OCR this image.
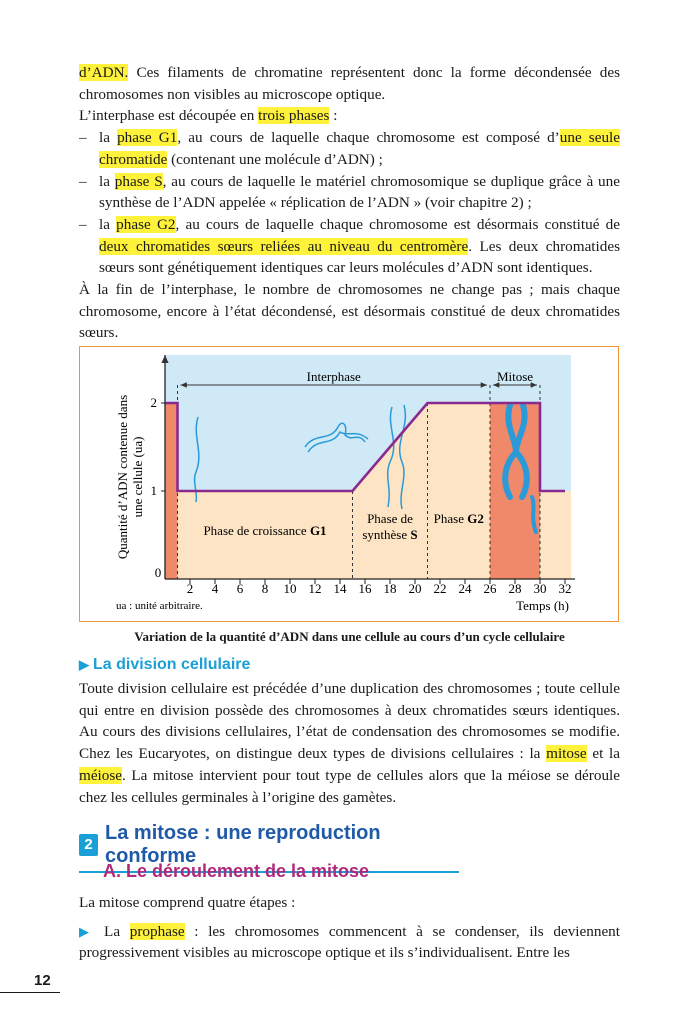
d’ADN. Ces filaments de chromatine représentent donc la forme décondensée des chromosomes non visibles au microscope optique.

L’interphase est découpée en trois phases :

– la phase G1, au cours de laquelle chaque chromosome est composé d’une seule chromatide (contenant une molécule d’ADN) ;
– la phase S, au cours de laquelle le matériel chromosomique se duplique grâce à une synthèse de l’ADN appelée « réplication de l’ADN » (voir chapitre 2) ;
– la phase G2, au cours de laquelle chaque chromosome est désormais constitué de deux chromatides sœurs reliées au niveau du centromère. Les deux chromatides sœurs sont génétiquement identiques car leurs molécules d’ADN sont identiques.

À la fin de l’interphase, le nombre de chromosomes ne change pas ; mais chaque chromosome, encore à l’état décondensé, est désormais constitué de deux chromatides sœurs.

0
2 4 6 8 10 12 14 16 18 20 22 24 26 28 30 32
1
2
Quantité d’ADN contenue dans une cellule (ua)
Temps (h)
ua : unité arbitraire.
Interphase	Mitose
Phase de croissance G1
Phase de
synthèse S
Phase G2
Variation de la quantité d’ADN dans une cellule au cours d’un cycle cellulaire
▶ La division cellulaire

Toute division cellulaire est précédée d’une duplication des chromosomes ; toute cellule qui entre en division possède des chromosomes à deux chromatides sœurs identiques. Au cours des divisions cellulaires, l’état de condensation des chromosomes se modifie. Chez les Eucaryotes, on distingue deux types de divisions cellulaires : la mitose et la méiose. La mitose intervient pour tout type de cellules alors que la méiose se déroule chez les cellules germinales à l’origine des gamètes.

2
La mitose : une reproduction conforme
A. Le déroulement de la mitose

La mitose comprend quatre étapes :

▶ La prophase : les chromosomes commencent à se condenser, ils deviennent progressivement visibles au microscope optique et ils s’individualisent. Entre les

12
